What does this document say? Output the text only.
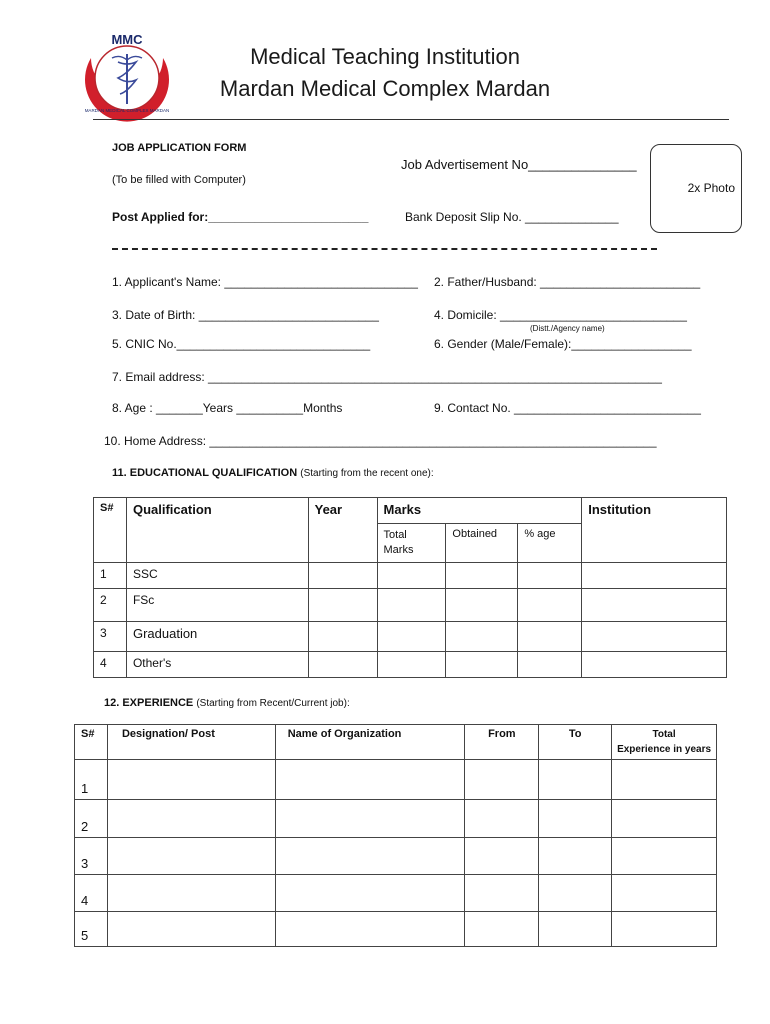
MMC
MARDAN MEDICAL COMPLEX MARDAN
Medical Teaching Institution
Mardan Medical Complex Mardan
JOB APPLICATION FORM
Job Advertisement No_______________
(To be filled with Computer)
2x Photo
Post Applied for:________________________	Bank Deposit Slip No. ______________
1. Applicant's Name: _____________________________ 2. Father/Husband: ________________________
3. Date of Birth: ___________________________	4. Domicile: ____________________________
(Distt./Agency name)
5. CNIC No._____________________________	6. Gender (Male/Female):__________________
7. Email address: ____________________________________________________________________
8. Age : _______Years __________Months	9. Contact No. ____________________________
10. Home Address: ___________________________________________________________________
11. EDUCATIONAL QUALIFICATION (Starting from the recent one):
S#	Qualification	Year	Marks			Institution
			Total Marks	Obtained	% age	
1	SSC					
2	FSc					
3	Graduation					
4	Other's					
12. EXPERIENCE (Starting from Recent/Current job):
S#	Designation/ Post	Name of Organization	From	To	Total
Experience in years

1					
2					
3					
4					
5					
